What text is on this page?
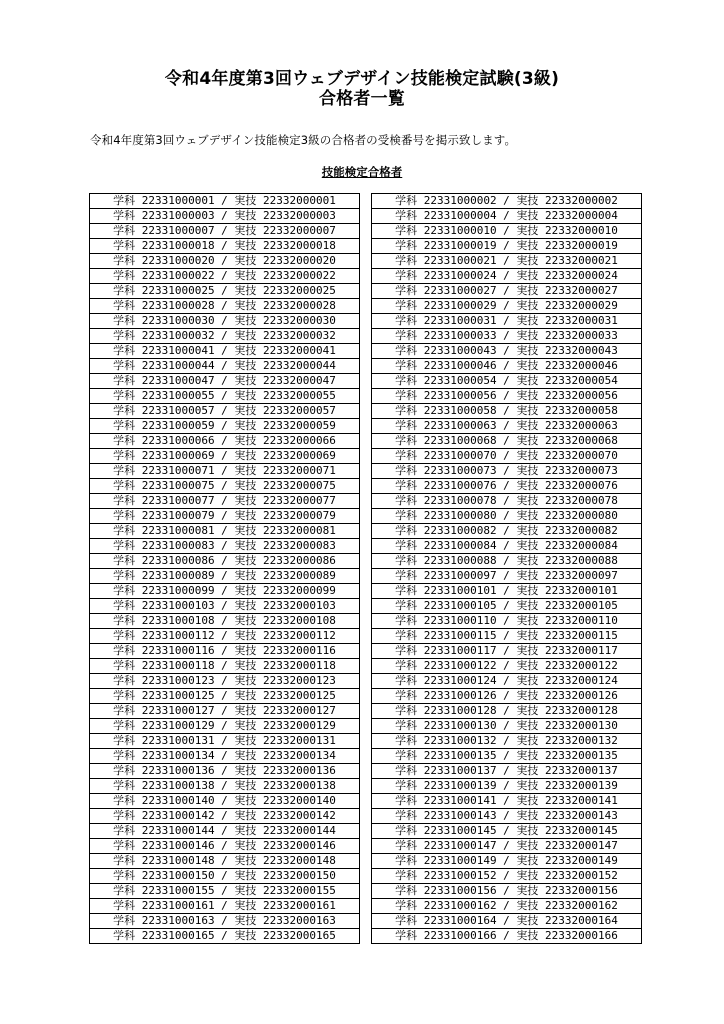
令和4年度第3回ウェブデザイン技能検定試験(3級)
合格者一覧
令和4年度第3回ウェブデザイン技能検定3級の合格者の受検番号を掲示致します。
技能検定合格者
学科 22331000001 / 実技 22332000001		学科 22331000002 / 実技 22332000002
学科 22331000003 / 実技 22332000003		学科 22331000004 / 実技 22332000004
学科 22331000007 / 実技 22332000007		学科 22331000010 / 実技 22332000010
学科 22331000018 / 実技 22332000018		学科 22331000019 / 実技 22332000019
学科 22331000020 / 実技 22332000020		学科 22331000021 / 実技 22332000021
学科 22331000022 / 実技 22332000022		学科 22331000024 / 実技 22332000024
学科 22331000025 / 実技 22332000025		学科 22331000027 / 実技 22332000027
学科 22331000028 / 実技 22332000028		学科 22331000029 / 実技 22332000029
学科 22331000030 / 実技 22332000030		学科 22331000031 / 実技 22332000031
学科 22331000032 / 実技 22332000032		学科 22331000033 / 実技 22332000033
学科 22331000041 / 実技 22332000041		学科 22331000043 / 実技 22332000043
学科 22331000044 / 実技 22332000044		学科 22331000046 / 実技 22332000046
学科 22331000047 / 実技 22332000047		学科 22331000054 / 実技 22332000054
学科 22331000055 / 実技 22332000055		学科 22331000056 / 実技 22332000056
学科 22331000057 / 実技 22332000057		学科 22331000058 / 実技 22332000058
学科 22331000059 / 実技 22332000059		学科 22331000063 / 実技 22332000063
学科 22331000066 / 実技 22332000066		学科 22331000068 / 実技 22332000068
学科 22331000069 / 実技 22332000069		学科 22331000070 / 実技 22332000070
学科 22331000071 / 実技 22332000071		学科 22331000073 / 実技 22332000073
学科 22331000075 / 実技 22332000075		学科 22331000076 / 実技 22332000076
学科 22331000077 / 実技 22332000077		学科 22331000078 / 実技 22332000078
学科 22331000079 / 実技 22332000079		学科 22331000080 / 実技 22332000080
学科 22331000081 / 実技 22332000081		学科 22331000082 / 実技 22332000082
学科 22331000083 / 実技 22332000083		学科 22331000084 / 実技 22332000084
学科 22331000086 / 実技 22332000086		学科 22331000088 / 実技 22332000088
学科 22331000089 / 実技 22332000089		学科 22331000097 / 実技 22332000097
学科 22331000099 / 実技 22332000099		学科 22331000101 / 実技 22332000101
学科 22331000103 / 実技 22332000103		学科 22331000105 / 実技 22332000105
学科 22331000108 / 実技 22332000108		学科 22331000110 / 実技 22332000110
学科 22331000112 / 実技 22332000112		学科 22331000115 / 実技 22332000115
学科 22331000116 / 実技 22332000116		学科 22331000117 / 実技 22332000117
学科 22331000118 / 実技 22332000118		学科 22331000122 / 実技 22332000122
学科 22331000123 / 実技 22332000123		学科 22331000124 / 実技 22332000124
学科 22331000125 / 実技 22332000125		学科 22331000126 / 実技 22332000126
学科 22331000127 / 実技 22332000127		学科 22331000128 / 実技 22332000128
学科 22331000129 / 実技 22332000129		学科 22331000130 / 実技 22332000130
学科 22331000131 / 実技 22332000131		学科 22331000132 / 実技 22332000132
学科 22331000134 / 実技 22332000134		学科 22331000135 / 実技 22332000135
学科 22331000136 / 実技 22332000136		学科 22331000137 / 実技 22332000137
学科 22331000138 / 実技 22332000138		学科 22331000139 / 実技 22332000139
学科 22331000140 / 実技 22332000140		学科 22331000141 / 実技 22332000141
学科 22331000142 / 実技 22332000142		学科 22331000143 / 実技 22332000143
学科 22331000144 / 実技 22332000144		学科 22331000145 / 実技 22332000145
学科 22331000146 / 実技 22332000146		学科 22331000147 / 実技 22332000147
学科 22331000148 / 実技 22332000148		学科 22331000149 / 実技 22332000149
学科 22331000150 / 実技 22332000150		学科 22331000152 / 実技 22332000152
学科 22331000155 / 実技 22332000155		学科 22331000156 / 実技 22332000156
学科 22331000161 / 実技 22332000161		学科 22331000162 / 実技 22332000162
学科 22331000163 / 実技 22332000163		学科 22331000164 / 実技 22332000164
学科 22331000165 / 実技 22332000165		学科 22331000166 / 実技 22332000166
